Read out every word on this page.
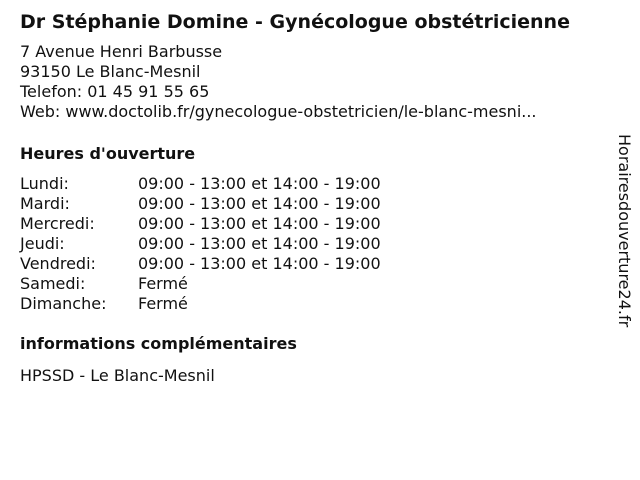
Dr Stéphanie Domine - Gynécologue obstétricienne
7 Avenue Henri Barbusse
93150 Le Blanc-Mesnil
Telefon: 01 45 91 55 65
Web: www.doctolib.fr/gynecologue-obstetricien/le-blanc-mesni...
Heures d'ouverture
Lundi:	09:00 - 13:00 et 14:00 - 19:00
Mardi:	09:00 - 13:00 et 14:00 - 19:00
Mercredi:	09:00 - 13:00 et 14:00 - 19:00
Jeudi:	09:00 - 13:00 et 14:00 - 19:00
Vendredi:	09:00 - 13:00 et 14:00 - 19:00
Samedi:	Fermé
Dimanche:	Fermé
informations complémentaires
HPSSD - Le Blanc-Mesnil
Horairesdouverture24.fr
